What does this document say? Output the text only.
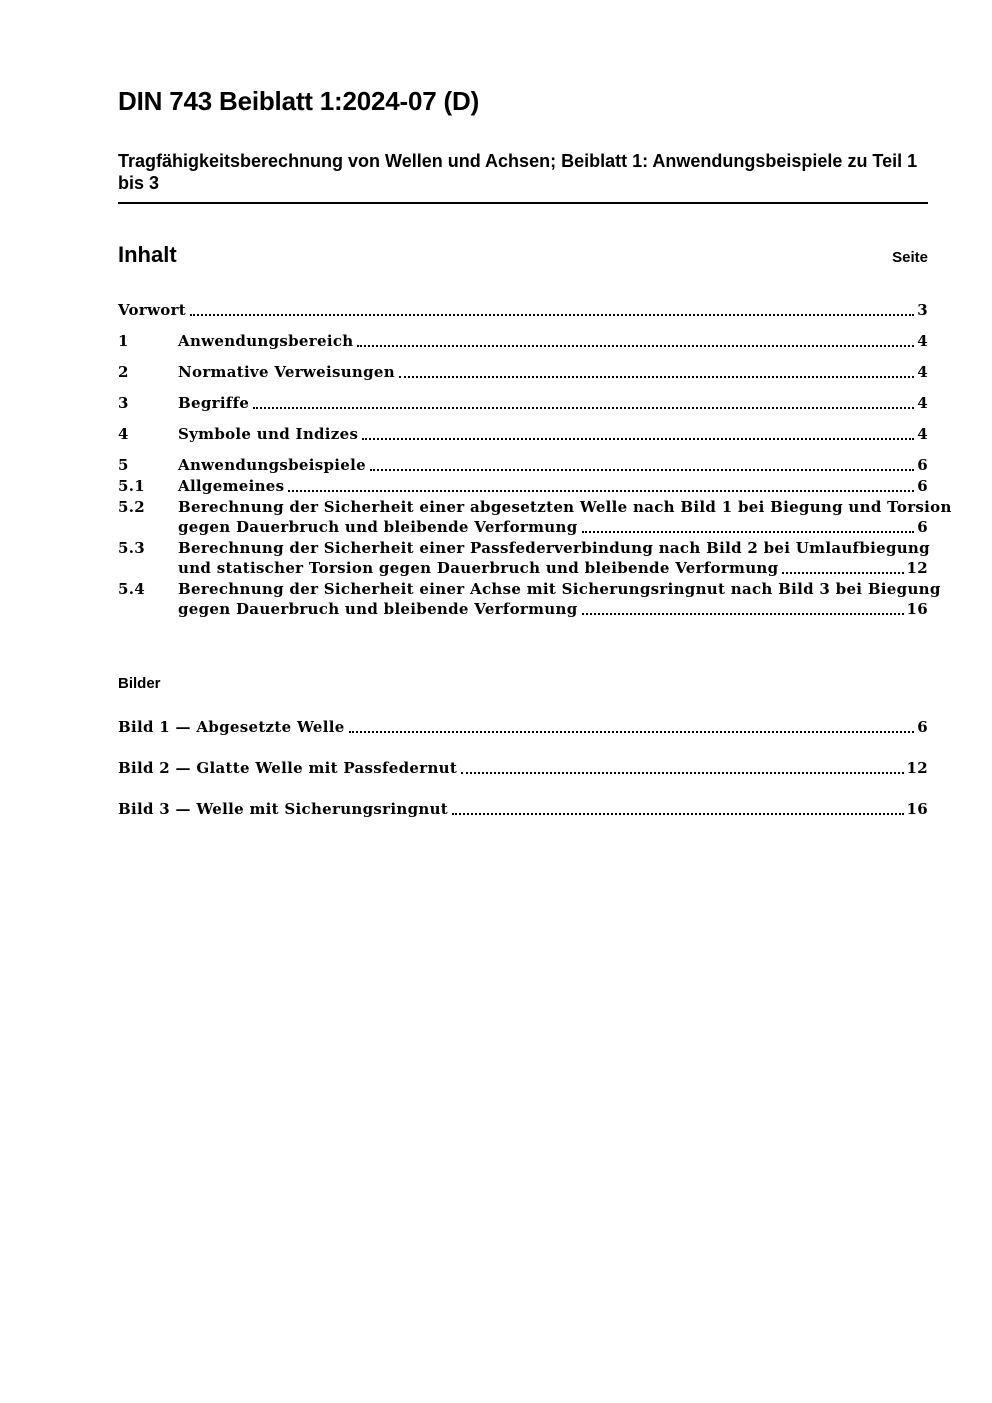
DIN 743 Beiblatt 1:2024-07 (D)
Tragfähigkeitsberechnung von Wellen und Achsen; Beiblatt 1: Anwendungsbeispiele zu Teil 1 bis 3
Inhalt	Seite
Vorwort	3
1	Anwendungsbereich	4
2	Normative Verweisungen	4
3	Begriffe	4
4	Symbole und Indizes	4
5	Anwendungsbeispiele	6
5.1	Allgemeines	6
5.2	Berechnung der Sicherheit einer abgesetzten Welle nach Bild 1 bei Biegung und Torsion
gegen Dauerbruch und bleibende Verformung	6
5.3	Berechnung der Sicherheit einer Passfederverbindung nach Bild 2 bei Umlaufbiegung
und statischer Torsion gegen Dauerbruch und bleibende Verformung	12
5.4	Berechnung der Sicherheit einer Achse mit Sicherungsringnut nach Bild 3 bei Biegung
gegen Dauerbruch und bleibende Verformung	16
Bilder
Bild 1 — Abgesetzte Welle	6
Bild 2 — Glatte Welle mit Passfedernut	12
Bild 3 — Welle mit Sicherungsringnut	16
